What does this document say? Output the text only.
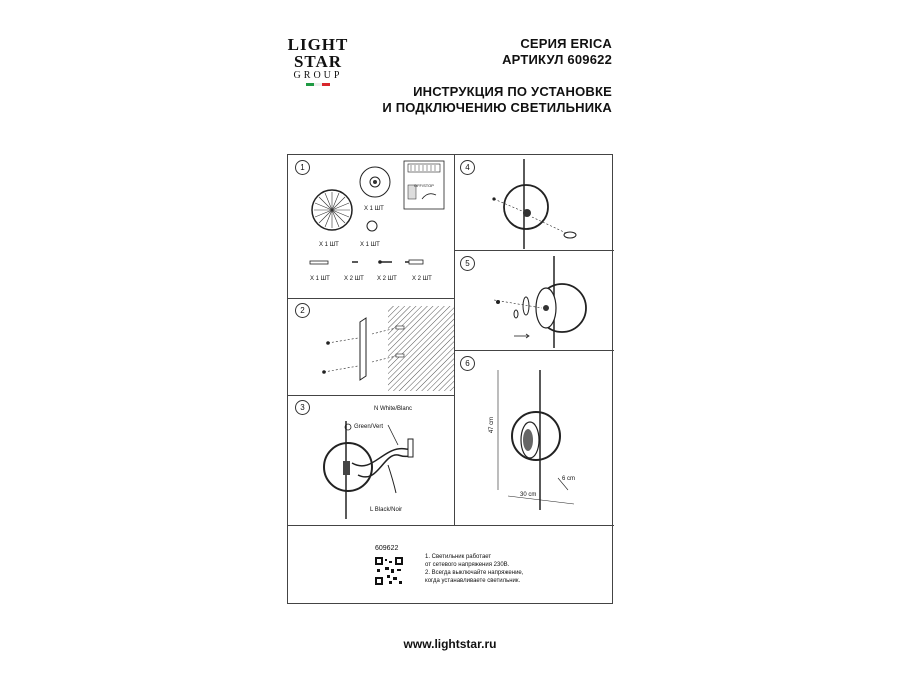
LIGHT
STAR
GROUP
СЕРИЯ ERICA
АРТИКУЛ 609622
ИНСТРУКЦИЯ ПО УСТАНОВКЕ
И ПОДКЛЮЧЕНИЮ СВЕТИЛЬНИКА
1
OFF/STOP
X 1 ШТ
X 1 ШТ
X 1 ШТ
X 1 ШТ X 2 ШТ X 2 ШТ	X 2 ШТ
2
3	N White/Blanc
Green/Vert
L Black/Noir
4
5
6
47 cm
30 cm
6 cm
609622
1. Светильник работает
от сетевого напряжения 230В.
2. Всегда выключайте напряжение,
когда устанавливаете светильник.
www.lightstar.ru
